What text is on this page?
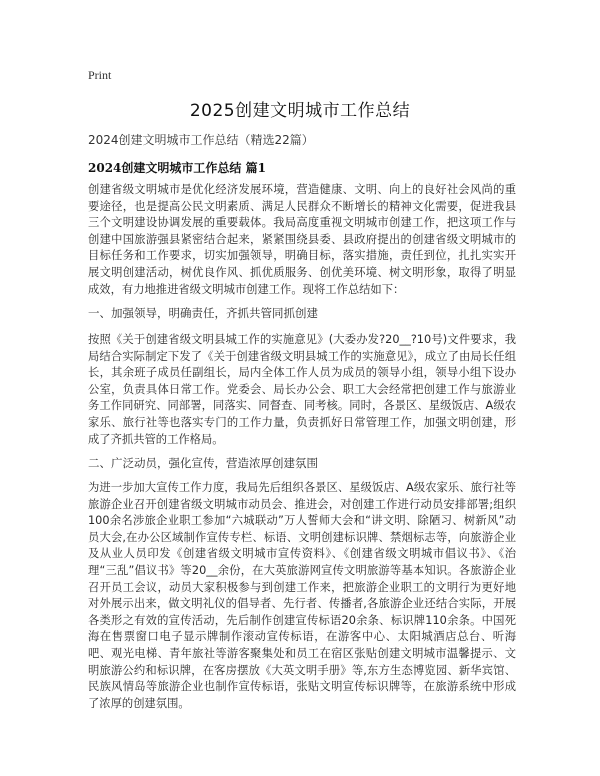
Print
2025创建文明城市工作总结
2024创建文明城市工作总结（精选22篇）
2024创建文明城市工作总结 篇1

创建省级文明城市是优化经济发展环境，营造健康、文明、向上的良好社会风尚的重要途径，也是提高公民文明素质、满足人民群众不断增长的精神文化需要，促进我县三个文明建设协调发展的重要载体。我局高度重视文明城市创建工作，把这项工作与创建中国旅游强县紧密结合起来，紧紧围绕县委、县政府提出的创建省级文明城市的目标任务和工作要求，切实加强领导，明确目标，落实措施，责任到位，扎扎实实开展文明创建活动，树优良作风、抓优质服务、创优美环境、树文明形象，取得了明显成效，有力地推进省级文明城市创建工作。现将工作总结如下：

一、加强领导，明确责任，齐抓共管同抓创建

按照《关于创建省级文明县城工作的实施意见》(大委办发?20__?10号)文件要求，我局结合实际制定下发了《关于创建省级文明县城工作的实施意见》，成立了由局长任组长，其余班子成员任副组长，局内全体工作人员为成员的领导小组，领导小组下设办公室，负责具体日常工作。党委会、局长办公会、职工大会经常把创建工作与旅游业务工作同研究、同部署，同落实、同督查、同考核。同时，各景区、星级饭店、A级农家乐、旅行社等也落实专门的工作力量，负责抓好日常管理工作，加强文明创建，形成了齐抓共管的工作格局。

二、广泛动员，强化宣传，营造浓厚创建氛围

为进一步加大宣传工作力度，我局先后组织各景区、星级饭店、A级农家乐、旅行社等旅游企业召开创建省级文明城市动员会、推进会，对创建工作进行动员安排部署;组织100余名涉旅企业职工参加“六城联动”万人誓师大会和“讲文明、除陋习、树新风”动员大会,在办公区域制作宣传专栏、标语、文明创建标识牌、禁烟标志等，向旅游企业及从业人员印发《创建省级文明城市宣传资料》、《创建省级文明城市倡议书》、《治理“三乱”倡议书》等20__余份，在大英旅游网宣传文明旅游等基本知识。各旅游企业召开员工会议，动员大家积极参与到创建工作来，把旅游企业职工的文明行为更好地对外展示出来，做文明礼仪的倡导者、先行者、传播者,各旅游企业还结合实际，开展各类形之有效的宣传活动，先后制作创建宣传标语20余条、标识牌110余条。中国死海在售票窗口电子显示牌制作滚动宣传标语，在游客中心、太阳城酒店总台、听海吧、观光电梯、青年旅社等游客聚集处和员工在宿区张贴创建文明城市温馨提示、文明旅游公约和标识牌，在客房摆放《大英文明手册》等,东方生态博览园、新华宾馆、民族风情岛等旅游企业也制作宣传标语，张贴文明宣传标识牌等，在旅游系统中形成了浓厚的创建氛围。
